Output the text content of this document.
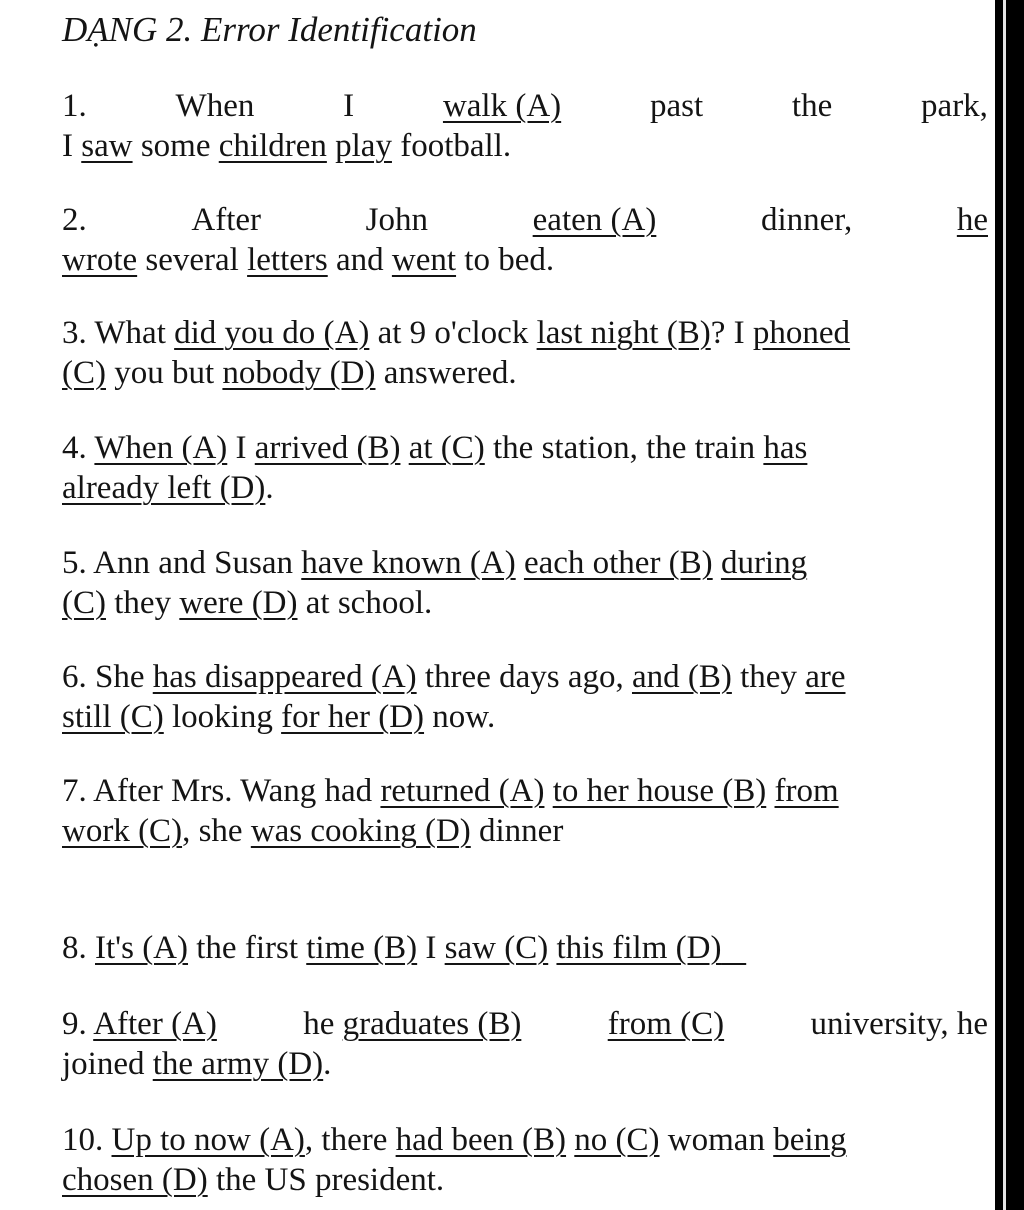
DẠNG 2. Error Identification
1.	When	I	walk (A)	past	the	park,
I saw some children play football.
2.	After	John	eaten (A)	dinner,	he
wrote several letters and went to bed.
3. What did you do (A) at 9 o'clock last night (B)? I phoned
(C) you but nobody (D) answered.
4. When (A) I arrived (B) at (C) the station, the train has
already left (D).
5. Ann and Susan have known (A) each other (B) during
(C) they were (D) at school.
6. She has disappeared (A) three days ago, and (B) they are
still (C) looking for her (D) now.
7. After Mrs. Wang had returned (A) to her house (B) from
work (C), she was cooking (D) dinner
8. It's (A) the first time (B) I saw (C) this film (D)
9. After (A)	he graduates (B)	from (C)	university, he
joined the army (D).
10. Up to now (A), there had been (B) no (C) woman being
chosen (D) the US president.
